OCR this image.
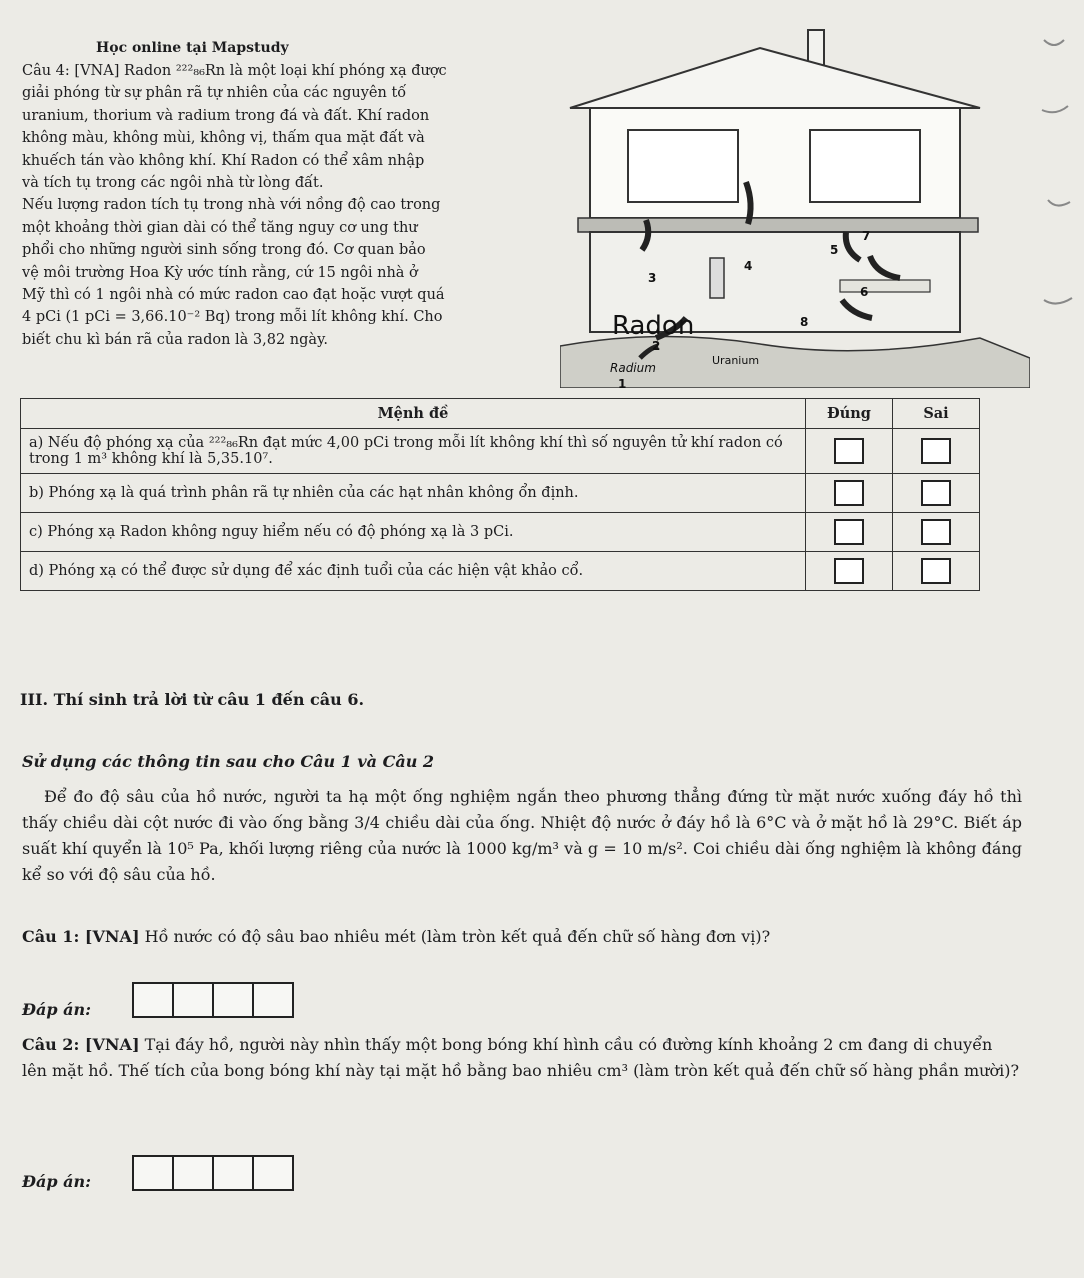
Học online tại Mapstudy

Câu 4: [VNA] Radon ²²²₈₆Rn là một loại khí phóng xạ được

giải phóng từ sự phân rã tự nhiên của các nguyên tố

uranium, thorium và radium trong đá và đất. Khí radon

không màu, không mùi, không vị, thấm qua mặt đất và

khuếch tán vào không khí. Khí Radon có thể xâm nhập

và tích tụ trong các ngôi nhà từ lòng đất.

Nếu lượng radon tích tụ trong nhà với nồng độ cao trong

một khoảng thời gian dài có thể tăng nguy cơ ung thư

phổi cho những người sinh sống trong đó. Cơ quan bảo

vệ môi trường Hoa Kỳ ước tính rằng, cứ 15 ngôi nhà ở

Mỹ thì có 1 ngôi nhà có mức radon cao đạt hoặc vượt quá

4 pCi (1 pCi = 3,66.10⁻² Bq) trong mỗi lít không khí. Cho

biết chu kì bán rã của radon là 3,82 ngày.	Radon
Radium
Uranium
1
2
3
4
5
6
7
8
Mệnh đề	Đúng	Sai
a) Nếu độ phóng xạ của ²²²₈₆Rn đạt mức 4,00 pCi trong mỗi lít không khí thì số nguyên tử khí radon có trong 1 m³ không khí là 5,35.10⁷.		
b) Phóng xạ là quá trình phân rã tự nhiên của các hạt nhân không ổn định.		
c) Phóng xạ Radon không nguy hiểm nếu có độ phóng xạ là 3 pCi.		
d) Phóng xạ có thể được sử dụng để xác định tuổi của các hiện vật khảo cổ.		
III. Thí sinh trả lời từ câu 1 đến câu 6.
Sử dụng các thông tin sau cho Câu 1 và Câu 2

Để đo độ sâu của hồ nước, người ta hạ một ống nghiệm ngắn theo phương thẳng đứng từ mặt nước xuống đáy hồ thì thấy chiều dài cột nước đi vào ống bằng 3/4 chiều dài của ống. Nhiệt độ nước ở đáy hồ là 6°C và ở mặt hồ là 29°C. Biết áp suất khí quyển là 10⁵ Pa, khối lượng riêng của nước là 1000 kg/m³ và g = 10 m/s². Coi chiều dài ống nghiệm là không đáng kể so với độ sâu của hồ.

Câu 1: [VNA] Hồ nước có độ sâu bao nhiêu mét (làm tròn kết quả đến chữ số hàng đơn vị)?
Đáp án:
Câu 2: [VNA] Tại đáy hồ, người này nhìn thấy một bong bóng khí hình cầu có đường kính khoảng 2 cm đang di chuyển lên mặt hồ. Thế tích của bong bóng khí này tại mặt hồ bằng bao nhiêu cm³ (làm tròn kết quả đến chữ số hàng phần mười)?
Đáp án:
